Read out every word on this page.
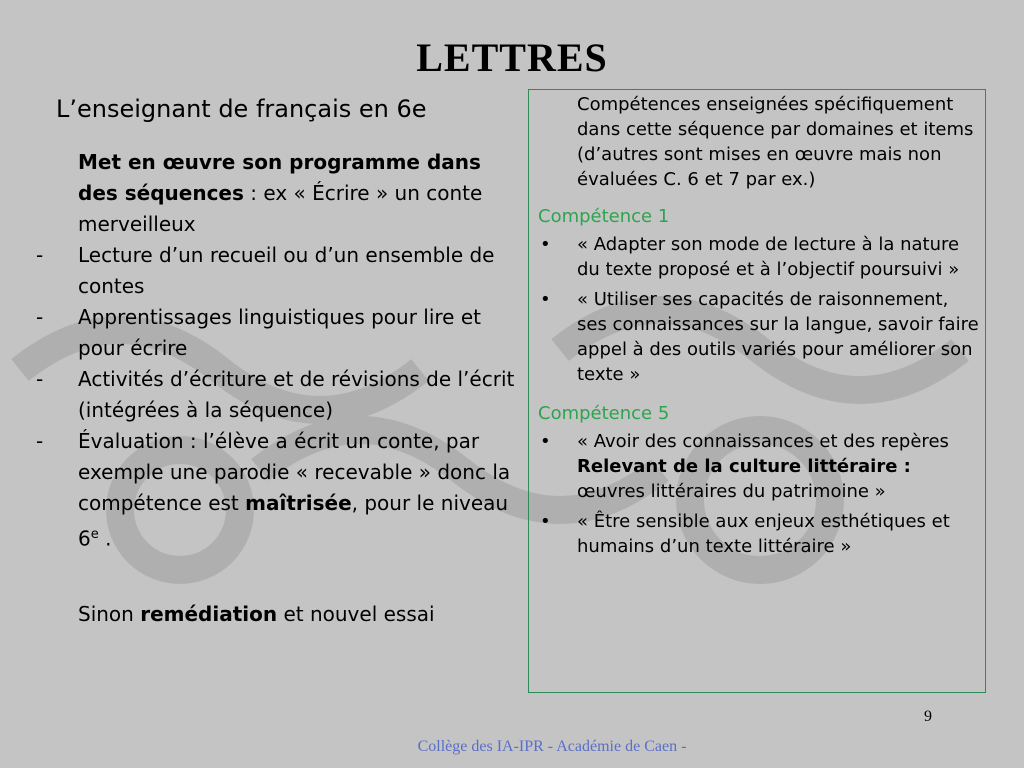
LETTRES
L’enseignant de français en 6e
Met en œuvre son programme dans des séquences : ex « Écrire » un conte merveilleux
-	Lecture d’un recueil ou d’un ensemble de contes
-	Apprentissages linguistiques pour lire et pour écrire
-	Activités d’écriture et de révisions de l’écrit (intégrées à la séquence)
-	Évaluation : l’élève a écrit un conte, par exemple une parodie « recevable » donc la compétence est maîtrisée, pour le niveau 6e .
Sinon remédiation et nouvel essai
Compétences enseignées spécifiquement dans cette séquence par domaines et items (d’autres sont mises en œuvre mais non évaluées C. 6 et 7 par ex.)
Compétence 1
•	« Adapter son mode de lecture à la nature du texte proposé et à l’objectif poursuivi »
•	« Utiliser ses capacités de raisonnement, ses connaissances sur la langue, savoir faire appel à des outils variés pour améliorer son texte »
Compétence 5
•	« Avoir des connaissances et des repères Relevant de la culture littéraire : œuvres littéraires du patrimoine »
•	« Être sensible aux enjeux esthétiques et humains d’un texte littéraire »
9
Collège des IA-IPR - Académie de Caen -
